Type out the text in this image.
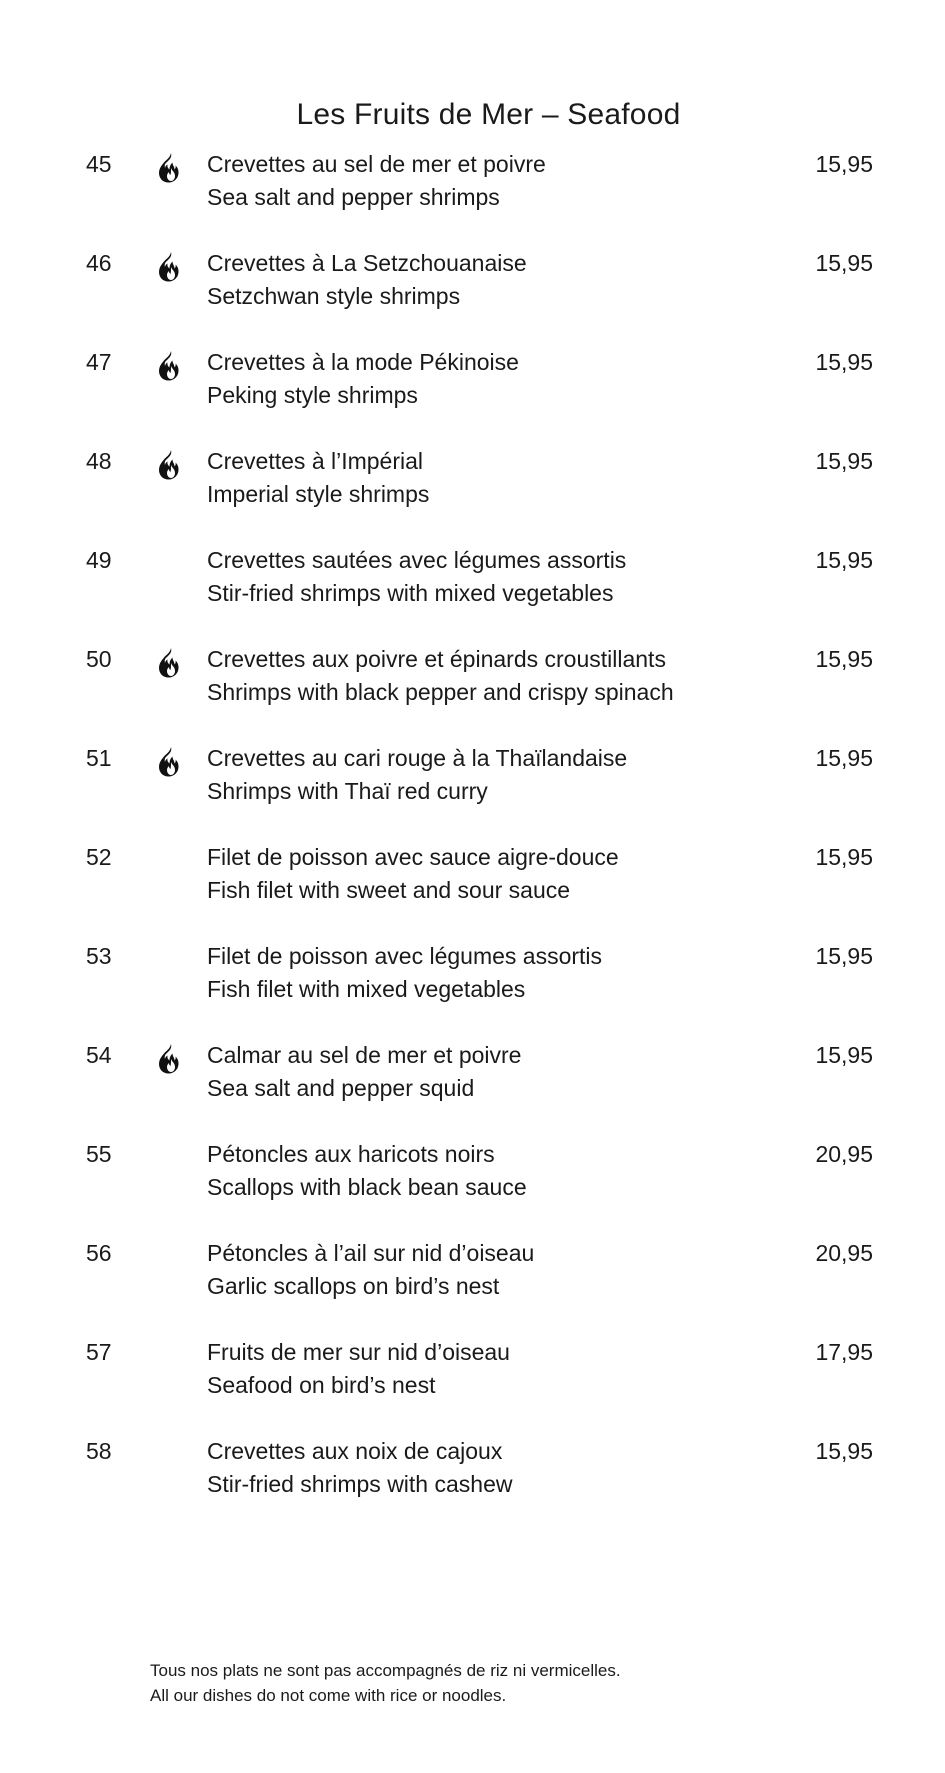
Les Fruits de Mer – Seafood
45	Crevettes au sel de mer et poivre
Sea salt and pepper shrimps
15,95
46	Crevettes à La Setzchouanaise
Setzchwan style shrimps
15,95
47	Crevettes à la mode Pékinoise
Peking style shrimps
15,95
48	Crevettes à l’Impérial
Imperial style shrimps
15,95
49	Crevettes sautées avec légumes assortis
Stir-fried shrimps with mixed vegetables
15,95
50	Crevettes aux poivre et épinards croustillants
Shrimps with black pepper and crispy spinach
15,95
51	Crevettes au cari rouge à la Thaïlandaise
Shrimps with Thaï red curry
15,95
52	Filet de poisson avec sauce aigre-douce
Fish filet with sweet and sour sauce
15,95
53	Filet de poisson avec légumes assortis
Fish filet with mixed vegetables
15,95
54	Calmar au sel de mer et poivre
Sea salt and pepper squid
15,95
55	Pétoncles aux haricots noirs
Scallops with black bean sauce
20,95
56	Pétoncles à l’ail sur nid d’oiseau
Garlic scallops on bird’s nest
20,95
57	Fruits de mer sur nid d’oiseau
Seafood on bird’s nest
17,95
58	Crevettes aux noix de cajoux
Stir-fried shrimps with cashew
15,95
Tous nos plats ne sont pas accompagnés de riz ni vermicelles.
All our dishes do not come with rice or noodles.
